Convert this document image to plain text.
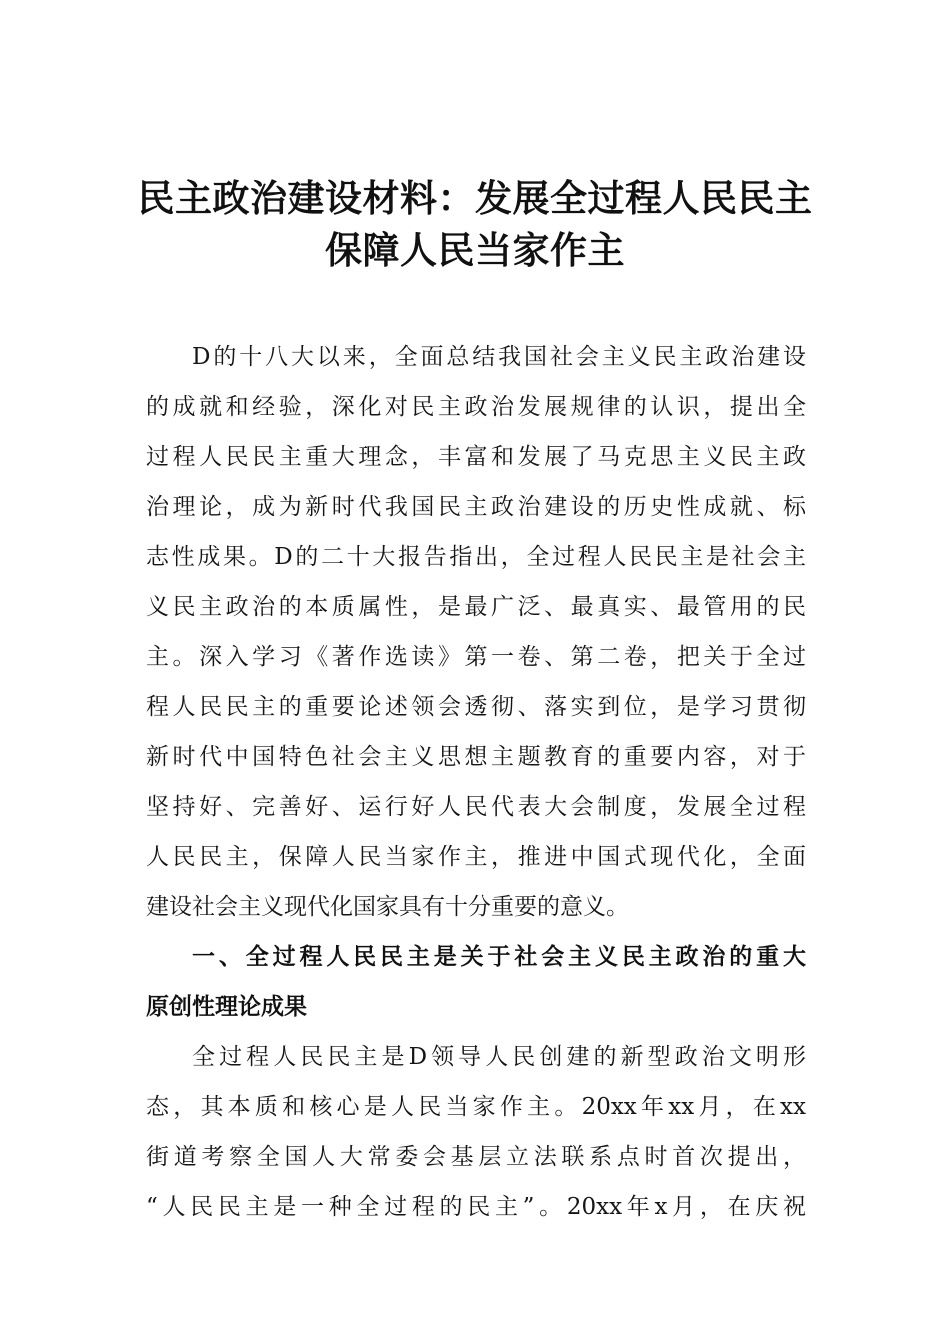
民主政治建设材料：发展全过程人民民主
保障人民当家作主
D的十八大以来，全面总结我国社会主义民主政治建设
的成就和经验，深化对民主政治发展规律的认识，提出全
过程人民民主重大理念，丰富和发展了马克思主义民主政
治理论，成为新时代我国民主政治建设的历史性成就、标
志性成果。D的二十大报告指出，全过程人民民主是社会主
义民主政治的本质属性，是最广泛、最真实、最管用的民
主。深入学习《著作选读》第一卷、第二卷，把关于全过
程人民民主的重要论述领会透彻、落实到位，是学习贯彻
新时代中国特色社会主义思想主题教育的重要内容，对于
坚持好、完善好、运行好人民代表大会制度，发展全过程
人民民主，保障人民当家作主，推进中国式现代化，全面
建设社会主义现代化国家具有十分重要的意义。
一、全过程人民民主是关于社会主义民主政治的重大
原创性理论成果
全过程人民民主是D领导人民创建的新型政治文明形
态，其本质和核心是人民当家作主。20xx年xx月，在xx
街道考察全国人大常委会基层立法联系点时首次提出，
“人民民主是一种全过程的民主”。20xx年x月，在庆祝
